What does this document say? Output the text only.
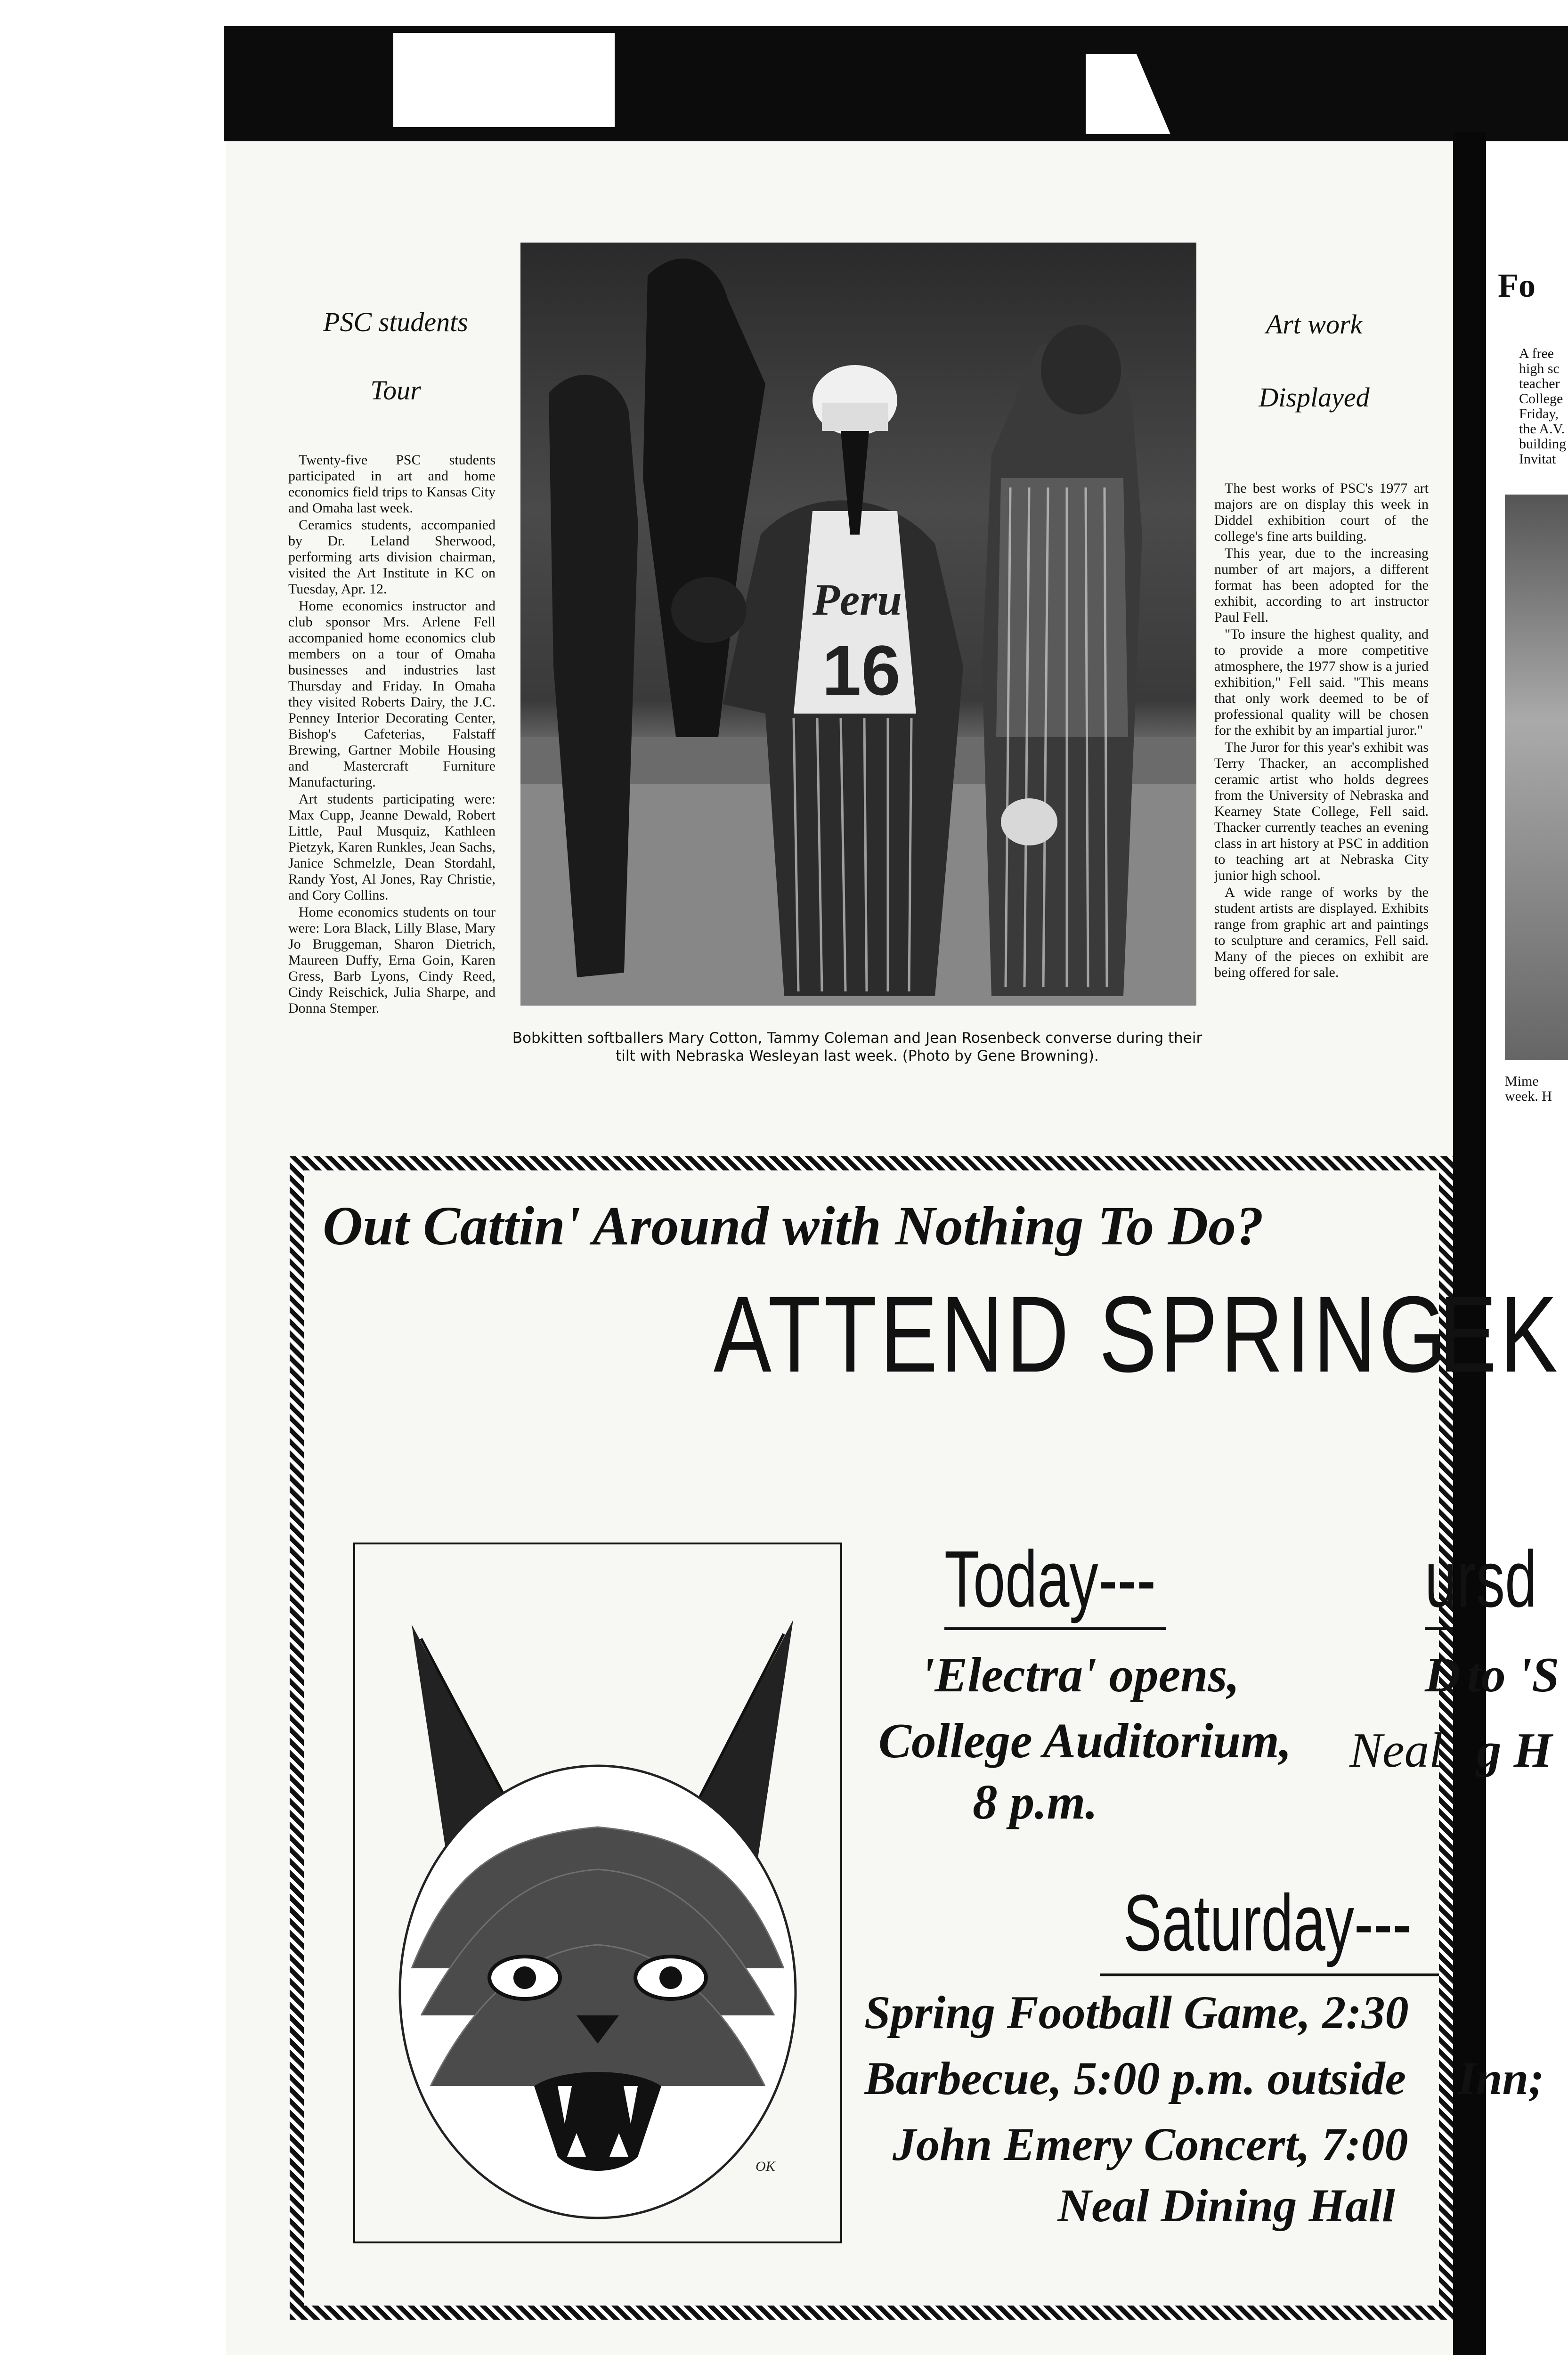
PSC students
Tour

Twenty-five PSC students participated in art and home economics field trips to Kansas City and Omaha last week.

Ceramics students, accompanied by Dr. Leland Sherwood, performing arts division chairman, visited the Art Institute in KC on Tuesday, Apr. 12.

Home economics instructor and club sponsor Mrs. Arlene Fell accompanied home economics club members on a tour of Omaha businesses and industries last Thursday and Friday. In Omaha they visited Roberts Dairy, the J.C. Penney Interior Decorating Center, Bishop's Cafeterias, Falstaff Brewing, Gartner Mobile Housing and Mastercraft Furniture Manufacturing.

Art students participating were: Max Cupp, Jeanne Dewald, Robert Little, Paul Musquiz, Kathleen Pietzyk, Karen Runkles, Jean Sachs, Janice Schmelzle, Dean Stordahl, Randy Yost, Al Jones, Ray Christie, and Cory Collins.

Home economics students on tour were: Lora Black, Lilly Blase, Mary Jo Bruggeman, Sharon Dietrich, Maureen Duffy, Erna Goin, Karen Gress, Barb Lyons, Cindy Reed, Cindy Reischick, Julia Sharpe, and Donna Stemper.

Peru
16
Bobkitten softballers Mary Cotton, Tammy Coleman and Jean Rosenbeck converse during their tilt with Nebraska Wesleyan last week. (Photo by Gene Browning).
Art work
Displayed

The best works of PSC's 1977 art majors are on display this week in Diddel exhibition court of the college's fine arts building.

This year, due to the increasing number of art majors, a different format has been adopted for the exhibit, according to art instructor Paul Fell.

"To insure the highest quality, and to provide a more competitive atmosphere, the 1977 show is a juried exhibition," Fell said. "This means that only work deemed to be of professional quality will be chosen for the exhibit by an impartial juror."

The Juror for this year's exhibit was Terry Thacker, an accomplished ceramic artist who holds degrees from the University of Nebraska and Kearney State College, Fell said. Thacker currently teaches an evening class in art history at PSC in addition to teaching art at Nebraska City junior high school.

A wide range of works by the student artists are displayed. Exhibits range from graphic art and paintings to sculpture and ceramics, Fell said. Many of the pieces on exhibit are being offered for sale.

Fo
A free
high sc
teacher
College
Friday,
the A.V.
building
Invitat
Mime
week. H
Out Cattin' Around with Nothing To Do?
ATTEND SPRING
EK
OK
Today---
'Electra' opens,
College Auditorium,
8 p.m.
ursd
D to 'S
Neal g H
Saturday---
Spring Football Game, 2:30
Barbecue, 5:00 p.m. outside Inn;
John Emery Concert, 7:00
Neal Dining Hall
